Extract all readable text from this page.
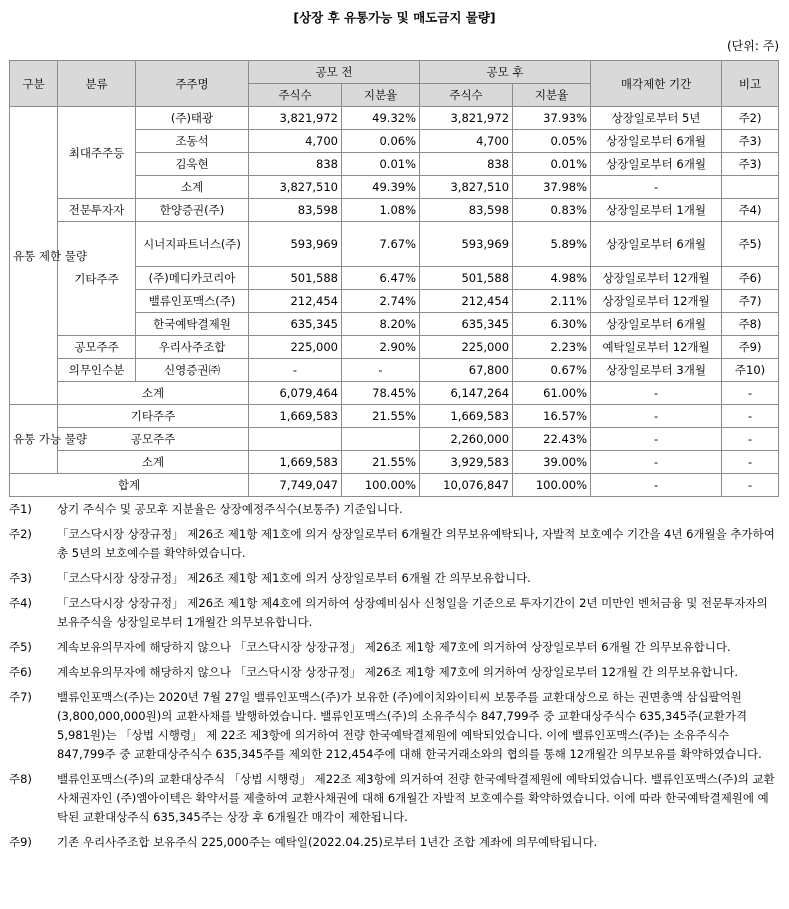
[상장 후 유통가능 및 매도금지 물량]
(단위: 주)
구분	분류	주주명	공모 전		공모 후		매각제한 기간	비고
			주식수	지분율	주식수	지분율		
유통 제한 물량	최대주주등	(주)태광	3,821,972	49.32%	3,821,972	37.93%	상장일로부터 5년	주2)
		조동석	4,700	0.06%	4,700	0.05%	상장일로부터 6개월	주3)
		김욱현	838	0.01%	838	0.01%	상장일로부터 6개월	주3)
		소계	3,827,510	49.39%	3,827,510	37.98%	-	
	전문투자자	한양증권(주)	83,598	1.08%	83,598	0.83%	상장일로부터 1개월	주4)
	기타주주	시너지파트너스(주)	593,969	7.67%	593,969	5.89%	상장일로부터 6개월	주5)
		(주)메디카코리아	501,588	6.47%	501,588	4.98%	상장일로부터 12개월	주6)
		밸류인포맥스(주)	212,454	2.74%	212,454	2.11%	상장일로부터 12개월	주7)
		한국예탁결제원	635,345	8.20%	635,345	6.30%	상장일로부터 6개월	주8)
	공모주주	우리사주조합	225,000	2.90%	225,000	2.23%	예탁일로부터 12개월	주9)
	의무인수분	신영증권㈜	-	-	67,800	0.67%	상장일로부터 3개월	주10)
	소계		6,079,464	78.45%	6,147,264	61.00%	-	-
유통 가능 물량	기타주주		1,669,583	21.55%	1,669,583	16.57%	-	-
	공모주주				2,260,000	22.43%	-	-
	소계		1,669,583	21.55%	3,929,583	39.00%	-	-
합계			7,749,047	100.00%	10,076,847	100.00%	-	-
주1)	상기 주식수 및 공모후 지분율은 상장예정주식수(보통주) 기준입니다.
주2)	「코스닥시장 상장규정」 제26조 제1항 제1호에 의거 상장일로부터 6개월간 의무보유예탁되나, 자발적 보호예수 기간을 4년 6개월을 추가하여 총 5년의 보호예수를 확약하였습니다.
주3)	「코스닥시장 상장규정」 제26조 제1항 제1호에 의거 상장일로부터 6개월 간 의무보유합니다.
주4)	「코스닥시장 상장규정」 제26조 제1항 제4호에 의거하여 상장예비심사 신청일을 기준으로 투자기간이 2년 미만인 벤처금융 및 전문투자자의 보유주식을 상장일로부터 1개월간 의무보유합니다.
주5)	계속보유의무자에 해당하지 않으나 「코스닥시장 상장규정」 제26조 제1항 제7호에 의거하여 상장일로부터 6개월 간 의무보유합니다.
주6)	계속보유의무자에 해당하지 않으나 「코스닥시장 상장규정」 제26조 제1항 제7호에 의거하여 상장일로부터 12개월 간 의무보유합니다.
주7)	밸류인포맥스(주)는 2020년 7월 27일 밸류인포맥스(주)가 보유한 (주)에이치와이티씨 보통주를 교환대상으로 하는 권면총액 삼십팔억원(3,800,000,000원)의 교환사채를 발행하였습니다. 밸류인포맥스(주)의 소유주식수 847,799주 중 교환대상주식수 635,345주(교환가격 5,981원)는 「상법 시행령」 제 22조 제3항에 의거하여 전량 한국예탁결제원에 예탁되었습니다. 이에 밸류인포맥스(주)는 소유주식수 847,799주 중 교환대상주식수 635,345주를 제외한 212,454주에 대해 한국거래소와의 협의를 통해 12개월간 의무보유를 확약하였습니다.
주8)	밸류인포맥스(주)의 교환대상주식 「상법 시행령」 제22조 제3항에 의거하여 전량 한국예탁결제원에 예탁되었습니다. 밸류인포맥스(주)의 교환사채권자인 (주)엠아이텍은 확약서를 제출하여 교환사채권에 대해 6개월간 자발적 보호예수를 확약하였습니다. 이에 따라 한국예탁결제원에 예탁된 교환대상주식 635,345주는 상장 후 6개월간 매각이 제한됩니다.
주9)	기존 우리사주조합 보유주식 225,000주는 예탁일(2022.04.25)로부터 1년간 조합 계좌에 의무예탁됩니다.
